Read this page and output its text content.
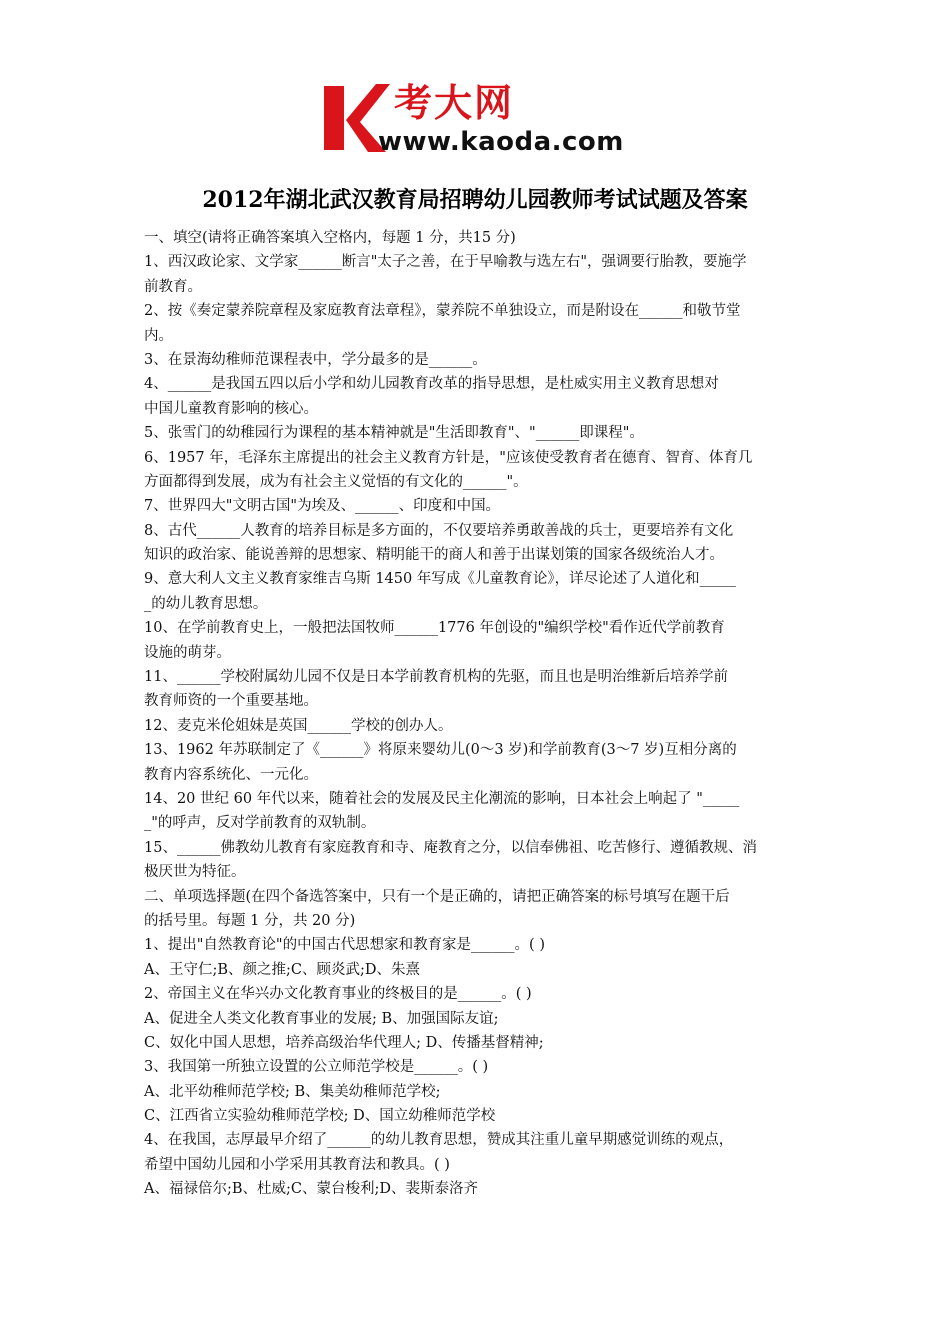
考大网
www.kaoda.com
2012年湖北武汉教育局招聘幼儿园教师考试试题及答案
一、填空(请将正确答案填入空格内，每题 1 分，共15 分)
1、西汉政论家、文学家______断言"太子之善，在于早喻教与选左右"，强调要行胎教，要施学
前教育。
2、按《奏定蒙养院章程及家庭教育法章程》，蒙养院不单独设立，而是附设在______和敬节堂
内。
3、在景海幼稚师范课程表中，学分最多的是______。
4、______是我国五四以后小学和幼儿园教育改革的指导思想，是杜威实用主义教育思想对
中国儿童教育影响的核心。
5、张雪门的幼稚园行为课程的基本精神就是"生活即教育"、"______即课程"。
6、1957 年，毛泽东主席提出的社会主义教育方针是，"应该使受教育者在德育、智育、体育几
方面都得到发展，成为有社会主义觉悟的有文化的______"。
7、世界四大"文明古国"为埃及、______、印度和中国。
8、古代______人教育的培养目标是多方面的，不仅要培养勇敢善战的兵士，更要培养有文化
知识的政治家、能说善辩的思想家、精明能干的商人和善于出谋划策的国家各级统治人才。
9、意大利人文主义教育家维吉乌斯 1450 年写成《儿童教育论》，详尽论述了人道化和_____
_的幼儿教育思想。
10、在学前教育史上，一般把法国牧师______1776 年创设的"编织学校"看作近代学前教育
设施的萌芽。
11、______学校附属幼儿园不仅是日本学前教育机构的先驱，而且也是明治维新后培养学前
教育师资的一个重要基地。
12、麦克米伦姐妹是英国______学校的创办人。
13、1962 年苏联制定了《______》将原来婴幼儿(0～3 岁)和学前教育(3～7 岁)互相分离的
教育内容系统化、一元化。
14、20 世纪 60 年代以来，随着社会的发展及民主化潮流的影响，日本社会上响起了 "_____
_"的呼声，反对学前教育的双轨制。
15、______佛教幼儿教育有家庭教育和寺、庵教育之分，以信奉佛祖、吃苦修行、遵循教规、消
极厌世为特征。
二、单项选择题(在四个备选答案中，只有一个是正确的，请把正确答案的标号填写在题干后
的括号里。每题 1 分，共 20 分)
1、提出"自然教育论"的中国古代思想家和教育家是______。( )
A、王守仁;B、颜之推;C、顾炎武;D、朱熹
2、帝国主义在华兴办文化教育事业的终极目的是______。( )
A、促进全人类文化教育事业的发展; B、加强国际友谊;
C、奴化中国人思想，培养高级治华代理人; D、传播基督精神;
3、我国第一所独立设置的公立师范学校是______。( )
A、北平幼稚师范学校; B、集美幼稚师范学校;
C、江西省立实验幼稚师范学校; D、国立幼稚师范学校
4、在我国，志厚最早介绍了______的幼儿教育思想，赞成其注重儿童早期感觉训练的观点，
希望中国幼儿园和小学采用其教育法和教具。( )
A、福禄倍尔;B、杜威;C、蒙台梭利;D、裴斯泰洛齐
